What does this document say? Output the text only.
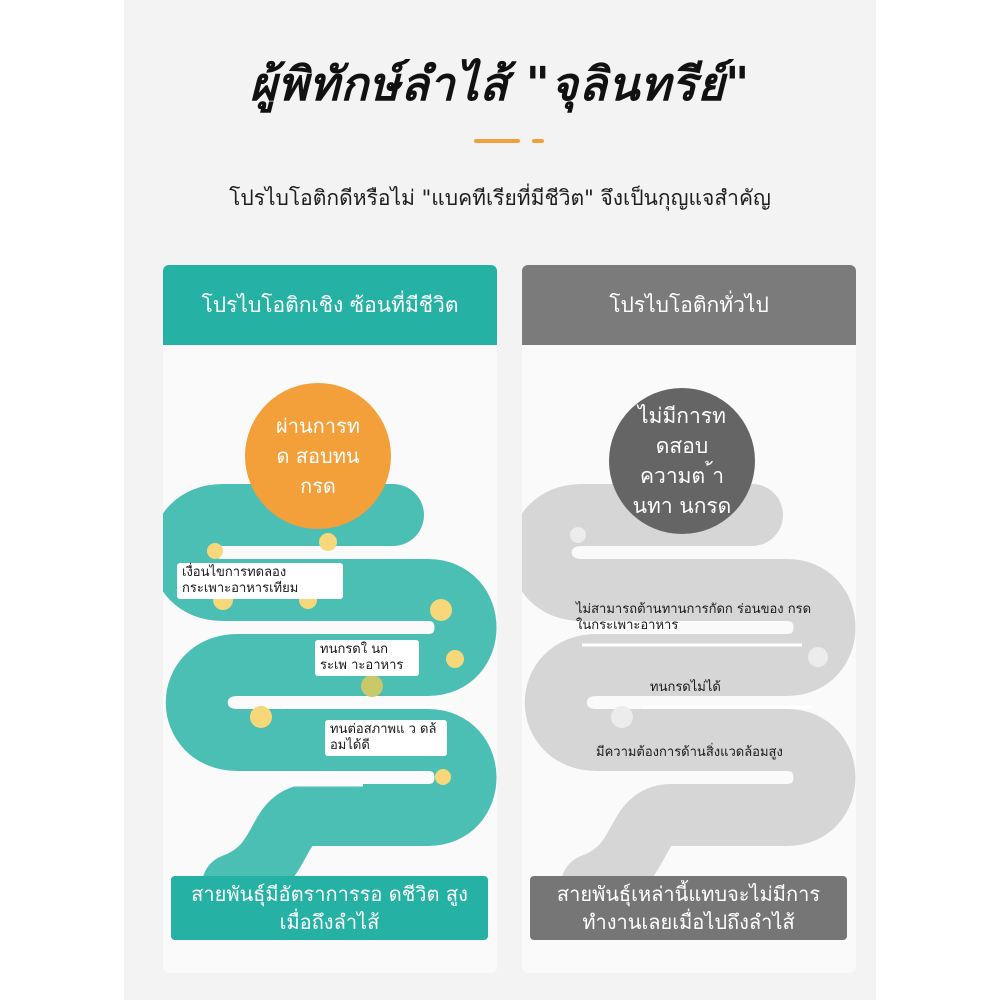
ผู้พิทักษ์ลำไส้ "จุลินทรีย์"
โปรไบโอติกดีหรือไม่ "แบคทีเรียที่มีชีวิต" จึงเป็นกุญแจสำคัญ
โปรไบโอติกเชิง ซ้อนที่มีชีวิต
ผ่านการท ด สอบทนกรด
เงื่อนไขการทดลอง กระเพาะอาหารเทียม
ทนกรดใ นก ระเพ าะอาหาร
ทนต่อสภาพแ ว ดล้อมได้ดี
สายพันธุ์มีอัตราการรอ ดชีวิต สูงเมื่อถึงลำไส้
โปรไบโอติกทั่วไป
ไม่มีการท ดสอบ ความต ้านทา นกรด
ไม่สามารถต้านทานการกัดก ร่อนของ กรดในกระเพาะอาหาร
ทนกรดไม่ได้
มีความต้องการด้านสิ่งแวดล้อมสูง
สายพันธุ์เหล่านี้แทบจะไม่มีการ ทำงานเลยเมื่อไปถึงลำไส้
